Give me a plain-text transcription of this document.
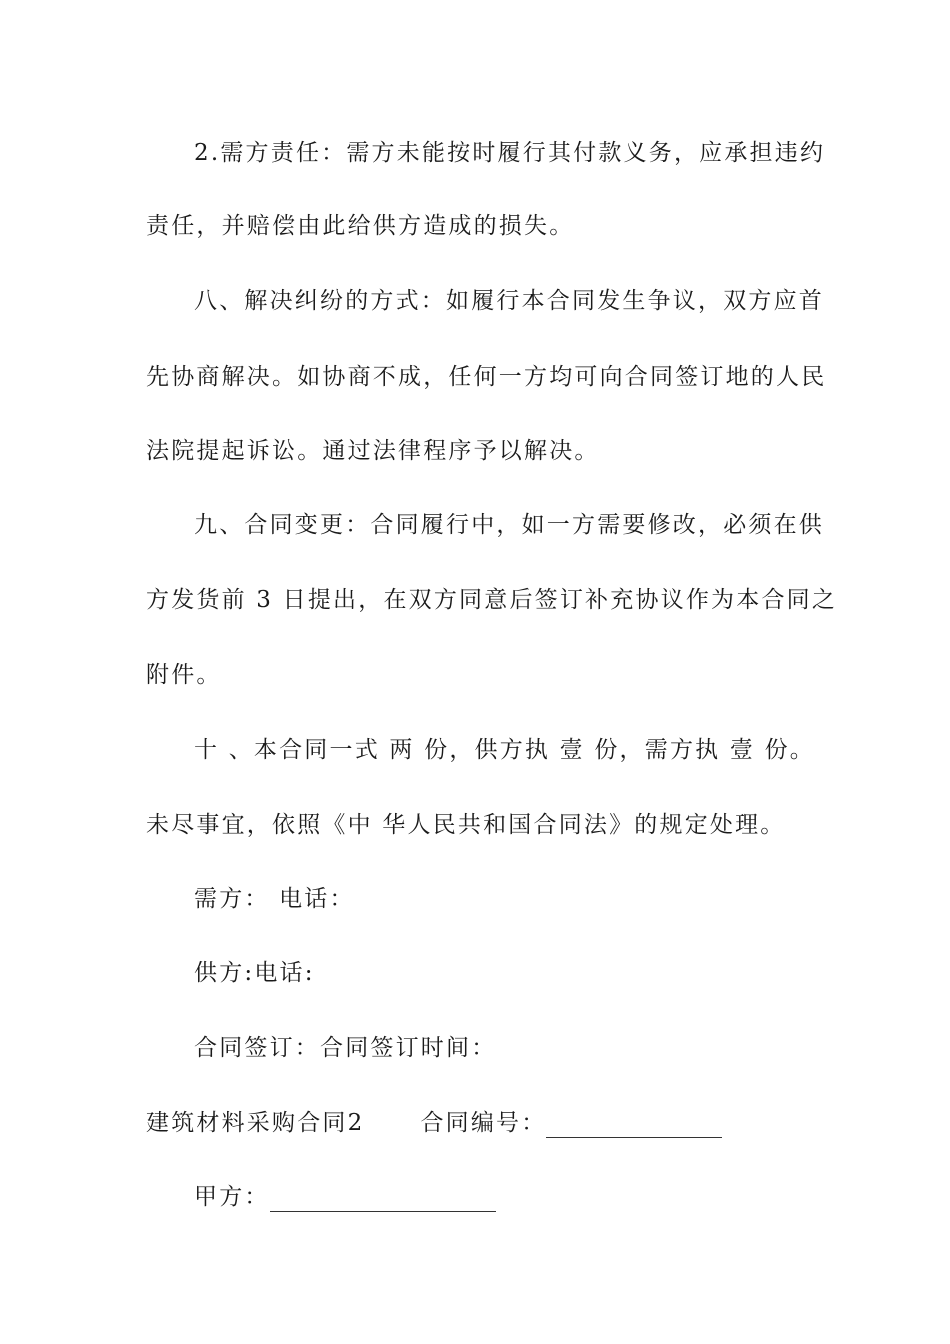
2.需方责任：需方未能按时履行其付款义务，应承担违约
责任，并赔偿由此给供方造成的损失。
八、解决纠纷的方式：如履行本合同发生争议，双方应首
先协商解决。如协商不成，任何一方均可向合同签订地的人民
法院提起诉讼。通过法律程序予以解决。
九、合同变更：合同履行中，如一方需要修改，必须在供
方发货前 3 日提出，在双方同意后签订补充协议作为本合同之
附件。
十 、本合同一式 两 份，供方执 壹 份，需方执 壹 份。
未尽事宜，依照《中 华人民共和国合同法》的规定处理。
需方： 电话：
供方:电话:
合同签订：合同签订时间：
建筑材料采购合同2 合同编号：
甲方：
